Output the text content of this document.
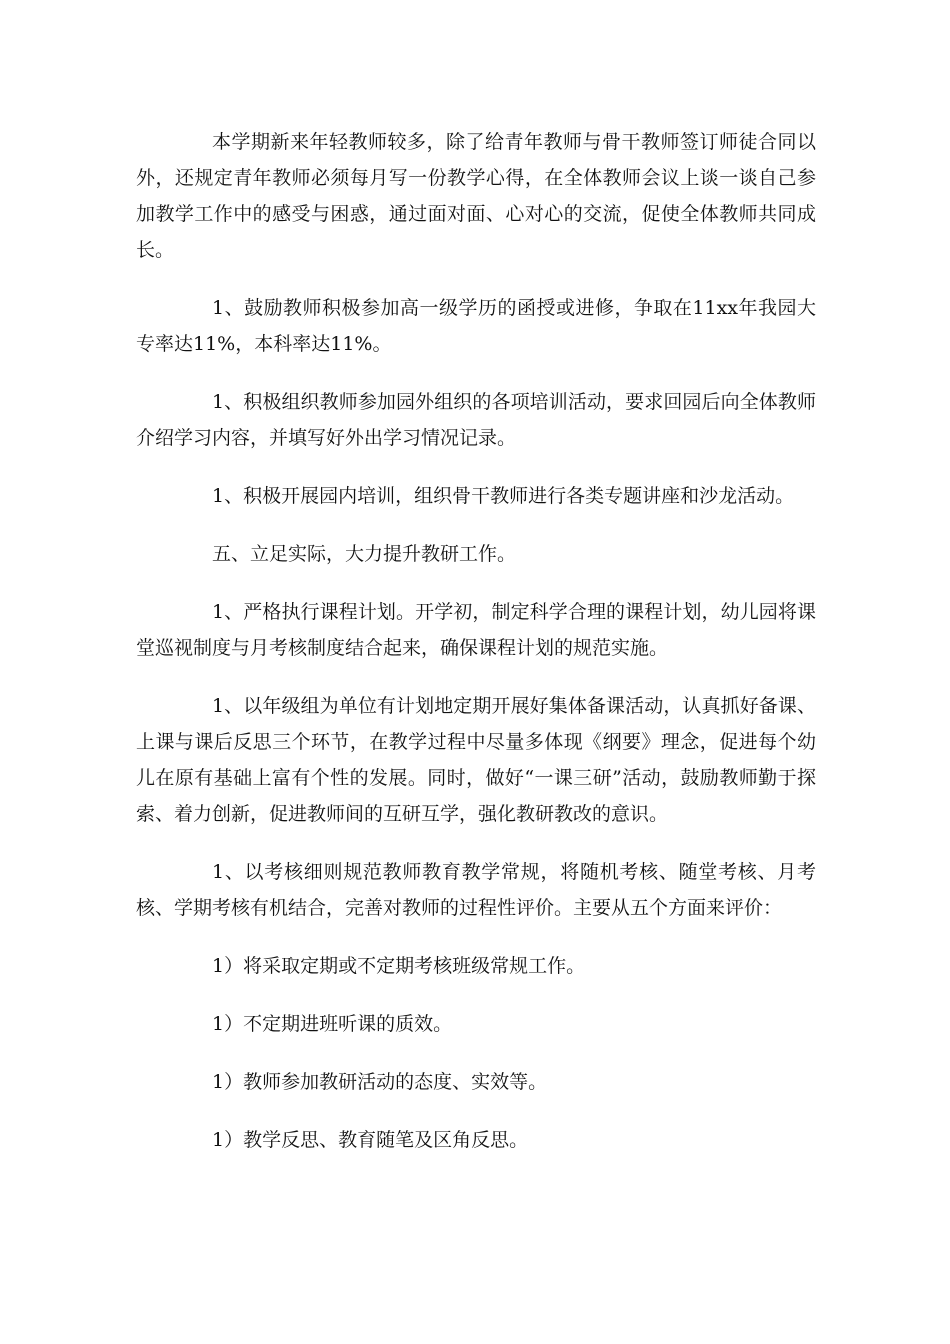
本学期新来年轻教师较多，除了给青年教师与骨干教师签订师徒合同以外，还规定青年教师必须每月写一份教学心得，在全体教师会议上谈一谈自己参加教学工作中的感受与困惑，通过面对面、心对心的交流，促使全体教师共同成长。

1、鼓励教师积极参加高一级学历的函授或进修，争取在11xx年我园大专率达11%，本科率达11%。

1、积极组织教师参加园外组织的各项培训活动，要求回园后向全体教师介绍学习内容，并填写好外出学习情况记录。

1、积极开展园内培训，组织骨干教师进行各类专题讲座和沙龙活动。

五、立足实际，大力提升教研工作。

1、严格执行课程计划。开学初，制定科学合理的课程计划，幼儿园将课堂巡视制度与月考核制度结合起来，确保课程计划的规范实施。

1、以年级组为单位有计划地定期开展好集体备课活动，认真抓好备课、上课与课后反思三个环节，在教学过程中尽量多体现《纲要》理念，促进每个幼儿在原有基础上富有个性的发展。同时，做好“一课三研”活动，鼓励教师勤于探索、着力创新，促进教师间的互研互学，强化教研教改的意识。

1、以考核细则规范教师教育教学常规，将随机考核、随堂考核、月考核、学期考核有机结合，完善对教师的过程性评价。主要从五个方面来评价：

1）将采取定期或不定期考核班级常规工作。

1）不定期进班听课的质效。

1）教师参加教研活动的态度、实效等。

1）教学反思、教育随笔及区角反思。
